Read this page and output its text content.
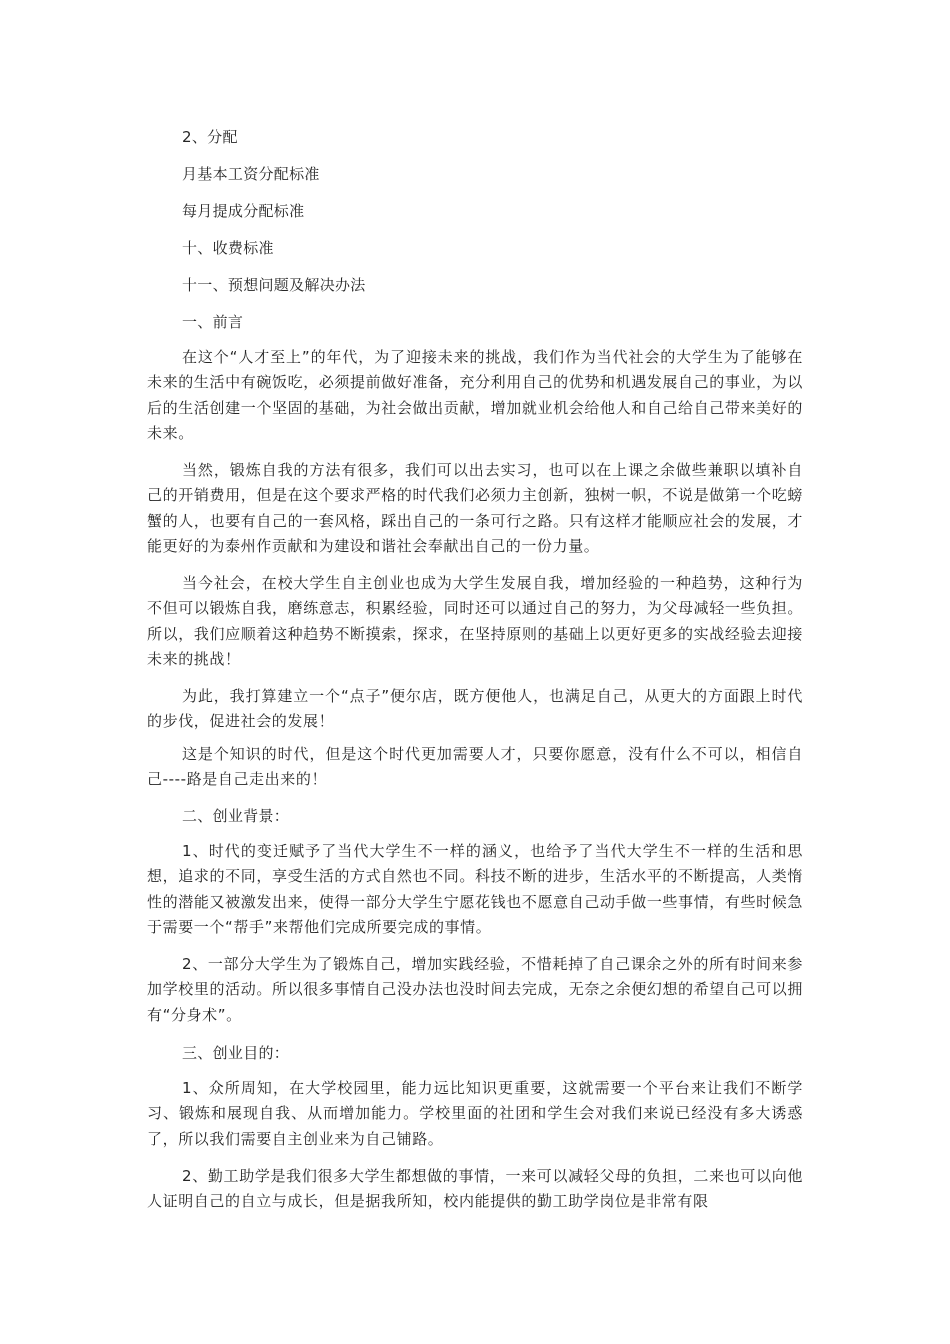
2、分配
月基本工资分配标准
每月提成分配标准
十、收费标准
十一、预想问题及解决办法
一、前言

在这个“人才至上”的年代，为了迎接未来的挑战，我们作为当代社会的大学生为了能够在未来的生活中有碗饭吃，必须提前做好准备，充分利用自己的优势和机遇发展自己的事业，为以后的生活创建一个坚固的基础，为社会做出贡献，增加就业机会给他人和自己给自己带来美好的未来。

当然，锻炼自我的方法有很多，我们可以出去实习，也可以在上课之余做些兼职以填补自己的开销费用，但是在这个要求严格的时代我们必须力主创新，独树一帜，不说是做第一个吃螃蟹的人，也要有自己的一套风格，踩出自己的一条可行之路。只有这样才能顺应社会的发展，才能更好的为泰州作贡献和为建设和谐社会奉献出自己的一份力量。

当今社会，在校大学生自主创业也成为大学生发展自我，增加经验的一种趋势，这种行为不但可以锻炼自我，磨练意志，积累经验，同时还可以通过自己的努力，为父母减轻一些负担。所以，我们应顺着这种趋势不断摸索，探求，在坚持原则的基础上以更好更多的实战经验去迎接未来的挑战！

为此，我打算建立一个“点子”便尔店，既方便他人，也满足自己，从更大的方面跟上时代的步伐，促进社会的发展！

这是个知识的时代，但是这个时代更加需要人才，只要你愿意，没有什么不可以，相信自己----路是自己走出来的！

二、创业背景：

1、时代的变迁赋予了当代大学生不一样的涵义，也给予了当代大学生不一样的生活和思想，追求的不同，享受生活的方式自然也不同。科技不断的进步，生活水平的不断提高，人类惰性的潜能又被激发出来，使得一部分大学生宁愿花钱也不愿意自己动手做一些事情，有些时候急于需要一个“帮手”来帮他们完成所要完成的事情。

2、一部分大学生为了锻炼自己，增加实践经验，不惜耗掉了自己课余之外的所有时间来参加学校里的活动。所以很多事情自己没办法也没时间去完成，无奈之余便幻想的希望自己可以拥有“分身术”。

三、创业目的：

1、众所周知，在大学校园里，能力远比知识更重要，这就需要一个平台来让我们不断学习、锻炼和展现自我、从而增加能力。学校里面的社团和学生会对我们来说已经没有多大诱惑了，所以我们需要自主创业来为自己铺路。

2、勤工助学是我们很多大学生都想做的事情，一来可以减轻父母的负担，二来也可以向他人证明自己的自立与成长，但是据我所知，校内能提供的勤工助学岗位是非常有限
